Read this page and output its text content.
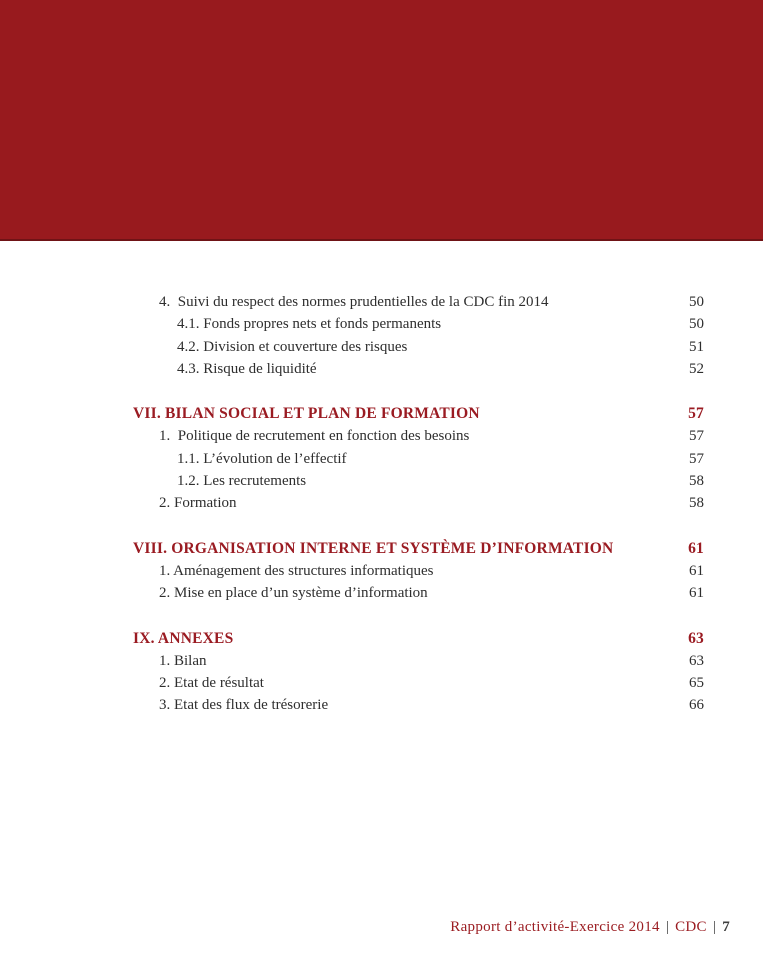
4.  Suivi du respect des normes prudentielles de la CDC fin 2014	50
4.1. Fonds propres nets et fonds permanents	50
4.2. Division et couverture des risques	51
4.3. Risque de liquidité	52
VII. BILAN SOCIAL ET PLAN DE FORMATION	57
1.  Politique de recrutement en fonction des besoins	57
1.1. L’évolution de l’effectif	57
1.2. Les recrutements	58
2. Formation	58
VIII. ORGANISATION INTERNE ET SYSTÈME D’INFORMATION	61
1. Aménagement des structures informatiques	61
2. Mise en place d’un système d’information	61
IX. ANNEXES	63
1. Bilan	63
2. Etat de résultat	65
3. Etat des flux de trésorerie	66
Rapport d’activité-Exercice 2014 | CDC | 7
